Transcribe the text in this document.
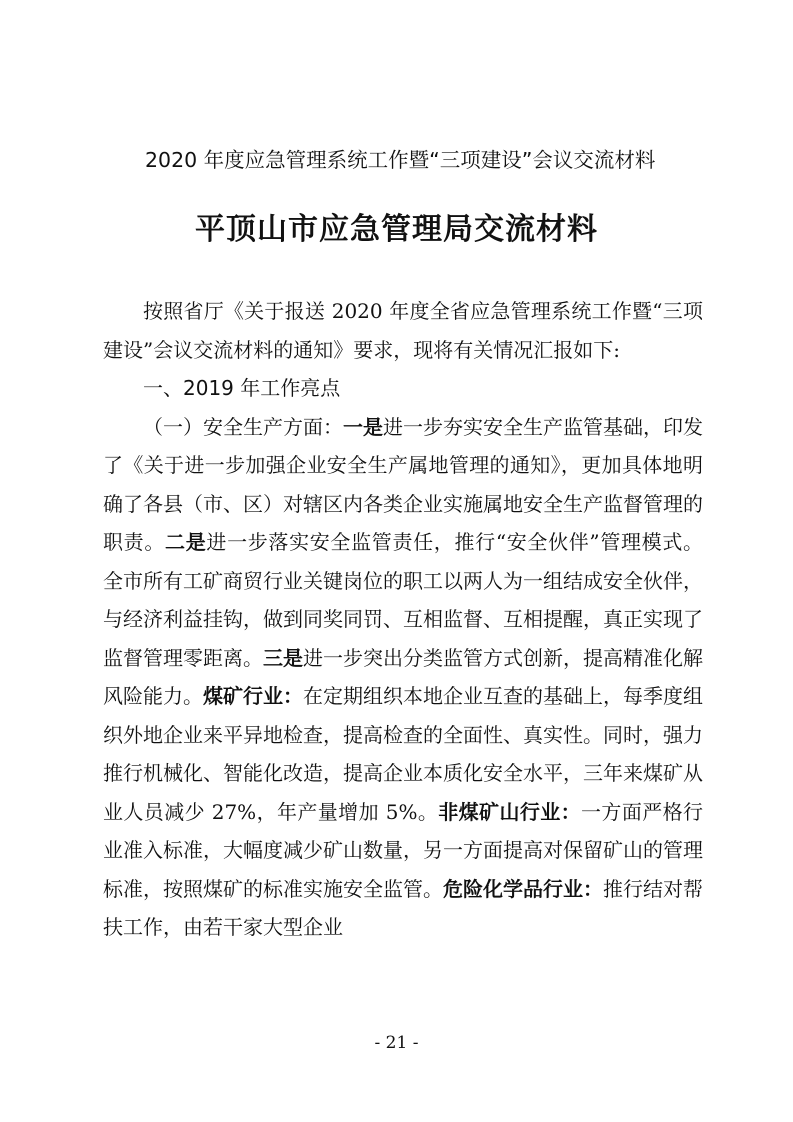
2020 年度应急管理系统工作暨“三项建设”会议交流材料
平顶山市应急管理局交流材料

按照省厅《关于报送 2020 年度全省应急管理系统工作暨“三项建设”会议交流材料的通知》要求，现将有关情况汇报如下:

一、2019 年工作亮点

（一）安全生产方面：一是进一步夯实安全生产监管基础，印发了《关于进一步加强企业安全生产属地管理的通知》，更加具体地明确了各县（市、区）对辖区内各类企业实施属地安全生产监督管理的职责。二是进一步落实安全监管责任，推行“安全伙伴”管理模式。全市所有工矿商贸行业关键岗位的职工以两人为一组结成安全伙伴，与经济利益挂钩，做到同奖同罚、互相监督、互相提醒，真正实现了监督管理零距离。三是进一步突出分类监管方式创新，提高精准化解风险能力。煤矿行业：在定期组织本地企业互查的基础上，每季度组织外地企业来平异地检查，提高检查的全面性、真实性。同时，强力推行机械化、智能化改造，提高企业本质化安全水平，三年来煤矿从业人员减少 27%，年产量增加 5%。非煤矿山行业：一方面严格行业准入标准，大幅度减少矿山数量，另一方面提高对保留矿山的管理标准，按照煤矿的标准实施安全监管。危险化学品行业：推行结对帮扶工作，由若干家大型企业

- 21 -
